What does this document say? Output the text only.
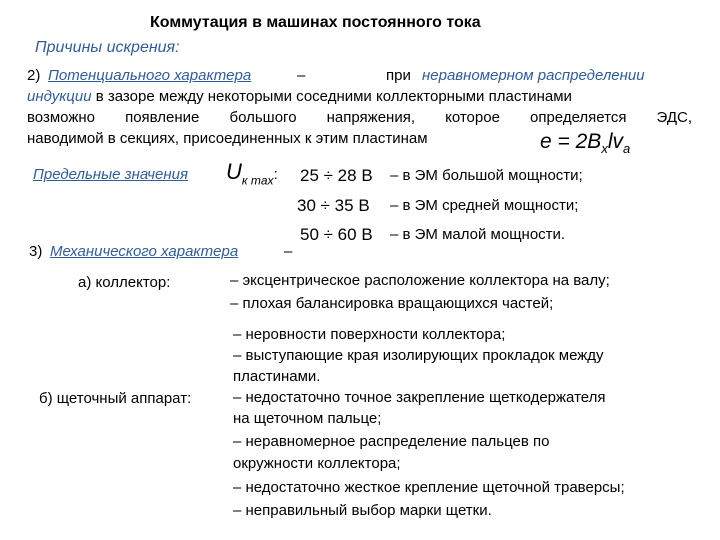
Коммутация в машинах постоянного тока
Причины искрения:
2) Потенциального характера	–	при неравномерном распределении
индукции в зазоре между некоторыми соседними коллекторными пластинами
возможно появление большого напряжения, которое определяется ЭДС,
наводимой в секциях, присоединенных к этим пластинам	$e = 2B_xlv_a$
Предельные значения $U_{к max}$: 25 ÷ 28 В – в ЭМ большой мощности;
30 ÷ 35 В – в ЭМ средней мощности;
50 ÷ 60 В – в ЭМ малой мощности.
3) Механического характера	–
а) коллектор:	– эксцентрическое расположение коллектора на валу;
– плохая балансировка вращающихся частей;
– неровности поверхности коллектора;
– выступающие края изолирующих прокладок между
пластинами.
б) щеточный аппарат:	– недостаточно точное закрепление щеткодержателя
на щеточном пальце;
– неравномерное распределение пальцев по
окружности коллектора;
– недостаточно жесткое крепление щеточной траверсы;
– неправильный выбор марки щетки.
